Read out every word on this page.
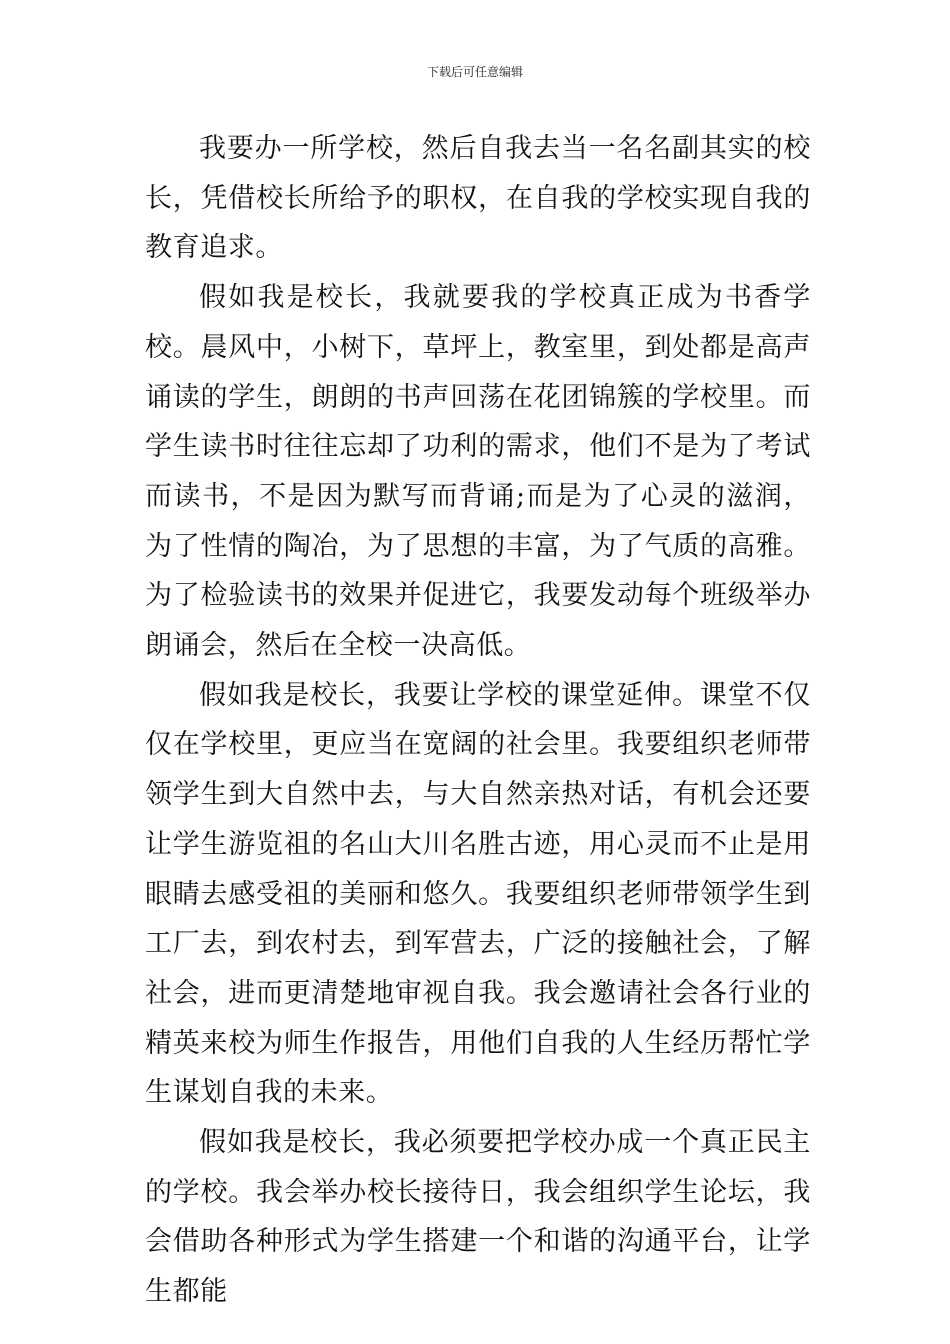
下载后可任意编辑

我要办一所学校，然后自我去当一名名副其实的校长，凭借校长所给予的职权，在自我的学校实现自我的教育追求。

假如我是校长，我就要我的学校真正成为书香学校。晨风中，小树下，草坪上，教室里，到处都是高声诵读的学生，朗朗的书声回荡在花团锦簇的学校里。而学生读书时往往忘却了功利的需求，他们不是为了考试而读书，不是因为默写而背诵;而是为了心灵的滋润，为了性情的陶冶，为了思想的丰富，为了气质的高雅。为了检验读书的效果并促进它，我要发动每个班级举办朗诵会，然后在全校一决高低。

假如我是校长，我要让学校的课堂延伸。课堂不仅仅在学校里，更应当在宽阔的社会里。我要组织老师带领学生到大自然中去，与大自然亲热对话，有机会还要让学生游览祖的名山大川名胜古迹，用心灵而不止是用眼睛去感受祖的美丽和悠久。我要组织老师带领学生到工厂去，到农村去，到军营去，广泛的接触社会，了解社会，进而更清楚地审视自我。我会邀请社会各行业的精英来校为师生作报告，用他们自我的人生经历帮忙学生谋划自我的未来。

假如我是校长，我必须要把学校办成一个真正民主的学校。我会举办校长接待日，我会组织学生论坛，我会借助各种形式为学生搭建一个和谐的沟通平台，让学生都能
